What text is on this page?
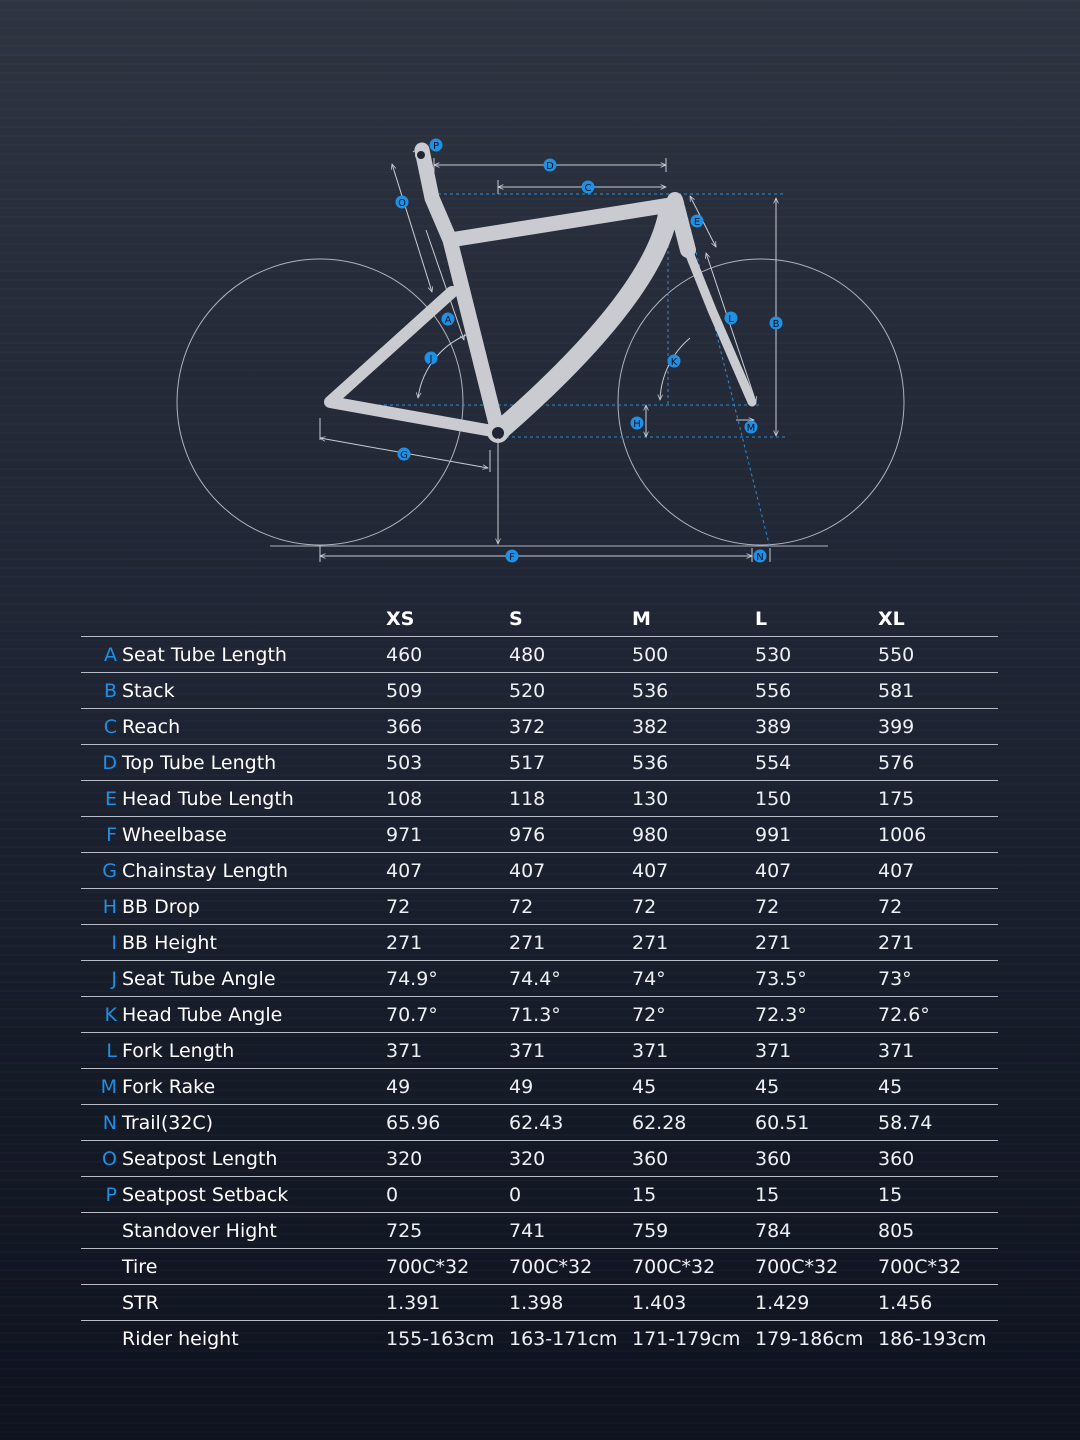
P
D
C
O
E
A	L	B
J	K
H	M
G
F	N
	XS	S	M	L	XL
A Seat Tube Length	460	480	500	530	550
B Stack	509	520	536	556	581
C Reach	366	372	382	389	399
D Top Tube Length	503	517	536	554	576
E Head Tube Length	108	118	130	150	175
F Wheelbase	971	976	980	991	1006
G Chainstay Length	407	407	407	407	407
H BB Drop	72	72	72	72	72
I BB Height	271	271	271	271	271
J Seat Tube Angle	74.9°	74.4°	74°	73.5°	73°
K Head Tube Angle	70.7°	71.3°	72°	72.3°	72.6°
L Fork Length	371	371	371	371	371
M Fork Rake	49	49	45	45	45
N Trail(32C)	65.96	62.43	62.28	60.51	58.74
O Seatpost Length	320	320	360	360	360
P Seatpost Setback	0	0	15	15	15
Standover Hight	725	741	759	784	805
Tire	700C*32	700C*32	700C*32	700C*32	700C*32
STR	1.391	1.398	1.403	1.429	1.456
Rider height	155-163cm	163-171cm	171-179cm	179-186cm	186-193cm
